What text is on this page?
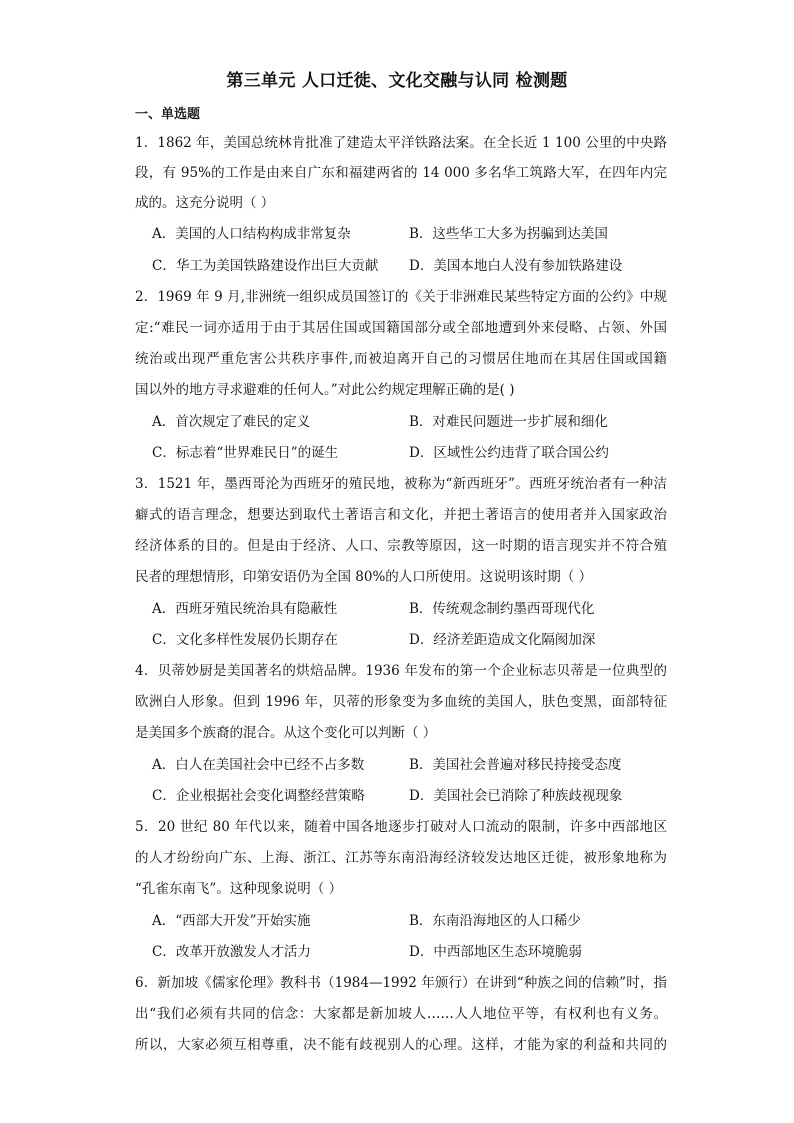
第三单元 人口迁徙、文化交融与认同 检测题
一、单选题
1．1862 年，美国总统林肯批准了建造太平洋铁路法案。在全长近 1 100 公里的中央路
段，有 95%的工作是由来自广东和福建两省的 14 000 多名华工筑路大军，在四年内完
成的。这充分说明（ ）
A．美国的人口结构构成非常复杂	B．这些华工大多为拐骗到达美国
C．华工为美国铁路建设作出巨大贡献 D．美国本地白人没有参加铁路建设
2．1969 年 9 月,非洲统一组织成员国签订的《关于非洲难民某些特定方面的公约》中规
定:“难民一词亦适用于由于其居住国或国籍国部分或全部地遭到外来侵略、占领、外国
统治或出现严重危害公共秩序事件,而被迫离开自己的习惯居住地而在其居住国或国籍
国以外的地方寻求避难的任何人。”对此公约规定理解正确的是( )
A．首次规定了难民的定义	B．对难民问题进一步扩展和细化
C．标志着“世界难民日”的诞生	D．区域性公约违背了联合国公约
3．1521 年，墨西哥沦为西班牙的殖民地，被称为“新西班牙”。西班牙统治者有一种洁
癖式的语言理念，想要达到取代土著语言和文化，并把土著语言的使用者并入国家政治
经济体系的目的。但是由于经济、人口、宗教等原因，这一时期的语言现实并不符合殖
民者的理想情形，印第安语仍为全国 80%的人口所使用。这说明该时期（ ）
A．西班牙殖民统治具有隐蔽性	B．传统观念制约墨西哥现代化
C．文化多样性发展仍长期存在	D．经济差距造成文化隔阂加深
4．贝蒂妙厨是美国著名的烘焙品牌。1936 年发布的第一个企业标志贝蒂是一位典型的
欧洲白人形象。但到 1996 年，贝蒂的形象变为多血统的美国人，肤色变黑，面部特征
是美国多个族裔的混合。从这个变化可以判断（ ）
A．白人在美国社会中已经不占多数	B．美国社会普遍对移民持接受态度
C．企业根据社会变化调整经营策略	D．美国社会已消除了种族歧视现象
5．20 世纪 80 年代以来，随着中国各地逐步打破对人口流动的限制，许多中西部地区
的人才纷纷向广东、上海、浙江、江苏等东南沿海经济较发达地区迁徙，被形象地称为
“孔雀东南飞”。这种现象说明（ ）
A．“西部大开发”开始实施	B．东南沿海地区的人口稀少
C．改革开放激发人才活力	D．中西部地区生态环境脆弱
6．新加坡《儒家伦理》教科书（1984—1992 年颁行）在讲到“种族之间的信赖”时，指
出“我们必须有共同的信念：大家都是新加坡人……人人地位平等，有权利也有义务。
所以，大家必须互相尊重，决不能有歧视别人的心理。这样，才能为家的利益和共同的
